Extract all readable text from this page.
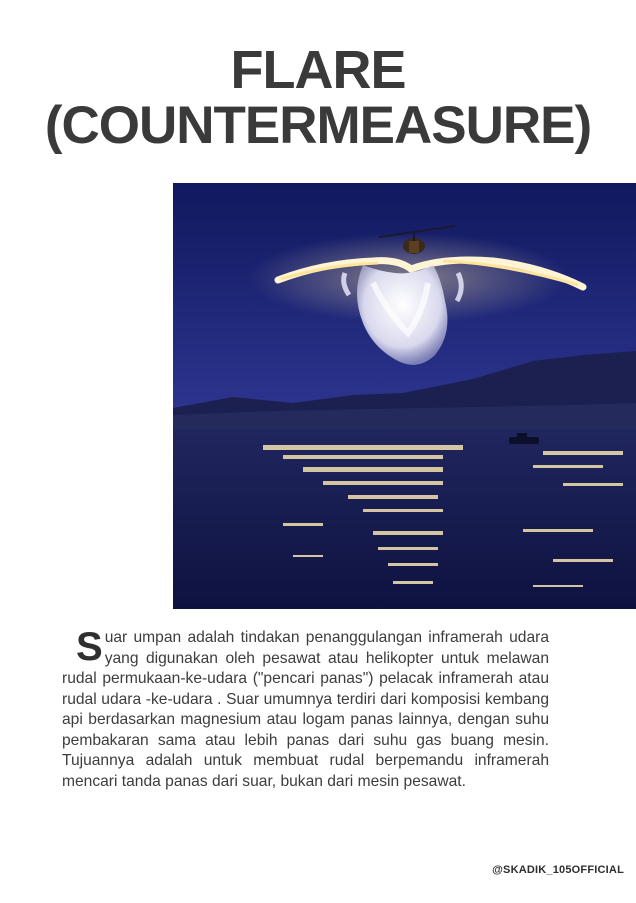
FLARE
(COUNTERMEASURE)
Suar umpan adalah tindakan penanggulangan inframerah udara yang digunakan oleh pesawat atau helikopter untuk melawan rudal permukaan-ke-udara ("pencari panas") pelacak inframerah atau rudal udara -ke-udara . Suar umumnya terdiri dari komposisi kembang api berdasarkan magnesium atau logam panas lainnya, dengan suhu pembakaran sama atau lebih panas dari suhu gas buang mesin. Tujuannya adalah untuk membuat rudal berpemandu inframerah mencari tanda panas dari suar, bukan dari mesin pesawat.
@SKADIK_105OFFICIAL
